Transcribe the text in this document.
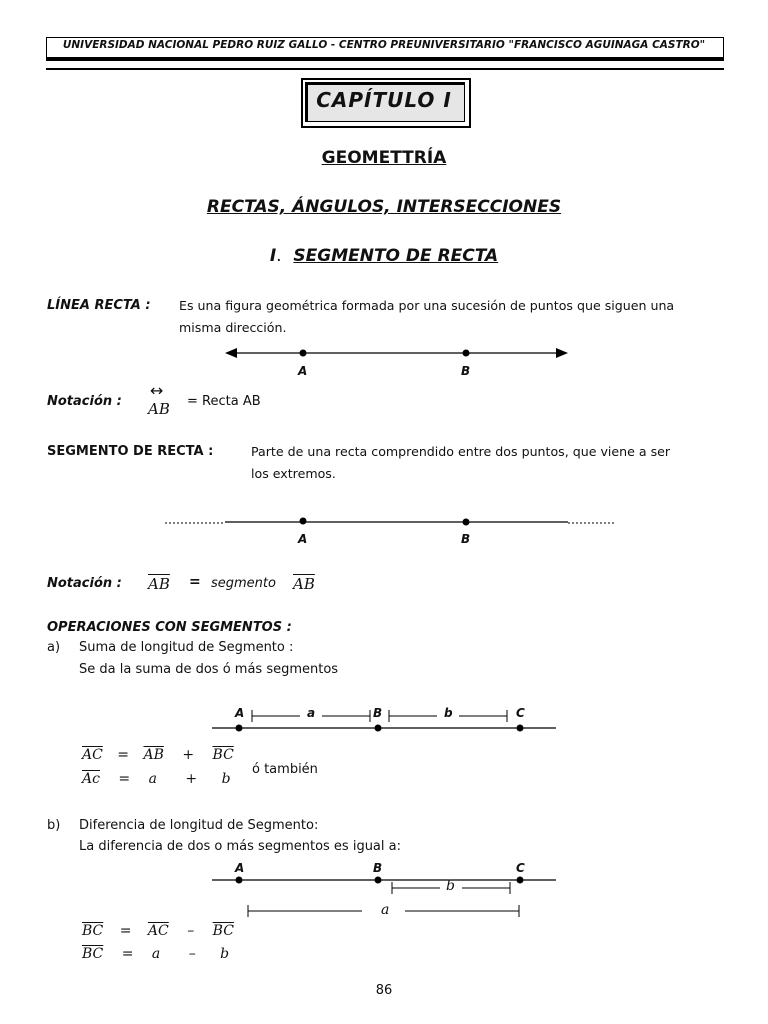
UNIVERSIDAD NACIONAL PEDRO RUIZ GALLO - CENTRO PREUNIVERSITARIO "FRANCISCO AGUINAGA CASTRO"
CAPÍTULO I
GEOMETTRÍA
RECTAS, ÁNGULOS, INTERSECCIONES
I. SEGMENTO DE RECTA
LÍNEA RECTA : Es una figura geométrica formada por una sucesión de puntos que siguen una
misma dirección.
A	B
Notación :
↔
AB = Recta AB
SEGMENTO DE RECTA :	Parte de una recta comprendido entre dos puntos, que viene a ser
los extremos.
A	B
Notación : $\overline{AB}$ = segmento $\overline{AB}$
OPERACIONES CON SEGMENTOS :
a) Suma de longitud de Segmento :
Se da la suma de dos ó más segmentos
A	a	B	b	C
$\overline{AC} = \overline{AB} + \overline{BC}$
$\overline{Ac} = a + b$
ó también
b) Diferencia de longitud de Segmento:
La diferencia de dos o más segmentos es igual a:
A	B	C
b
a
$\overline{BC} = \overline{AC} - \overline{BC}$
$\overline{BC} = a - b$
86
